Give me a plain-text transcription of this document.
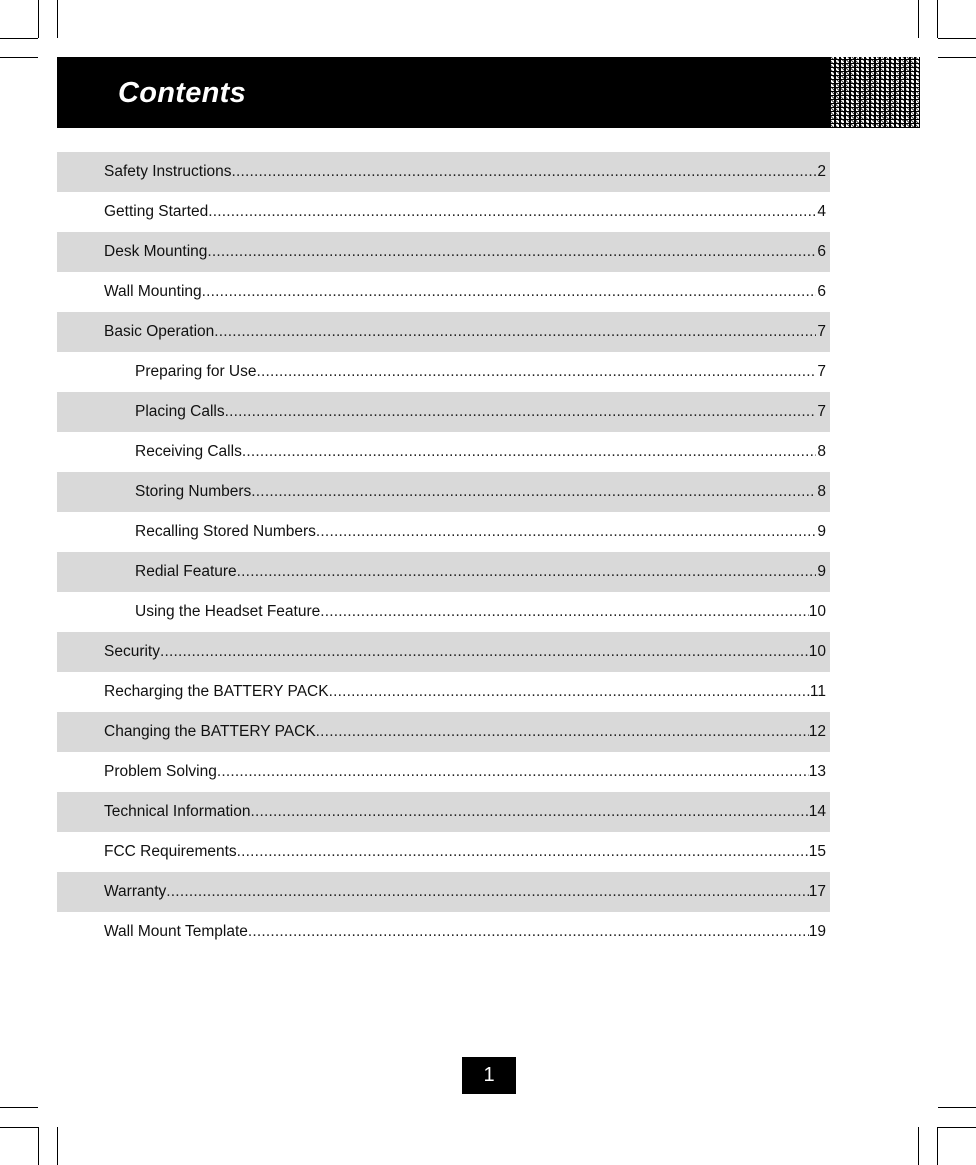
Contents
Safety Instructions .....	2
Getting Started .....	4
Desk Mounting .....	6
Wall Mounting .....	6
Basic Operation .....	7
Preparing for Use .....	7
Placing Calls .....	7
Receiving Calls .....	8
Storing Numbers .....	8
Recalling Stored Numbers .....	9
Redial Feature .....	9
Using the Headset Feature .....	10
Security .....	10
Recharging the BATTERY PACK .....	11
Changing the BATTERY PACK .....	12
Problem Solving .....	13
Technical Information .....	14
FCC Requirements .....	15
Warranty .....	17
Wall Mount Template .....	19
1
